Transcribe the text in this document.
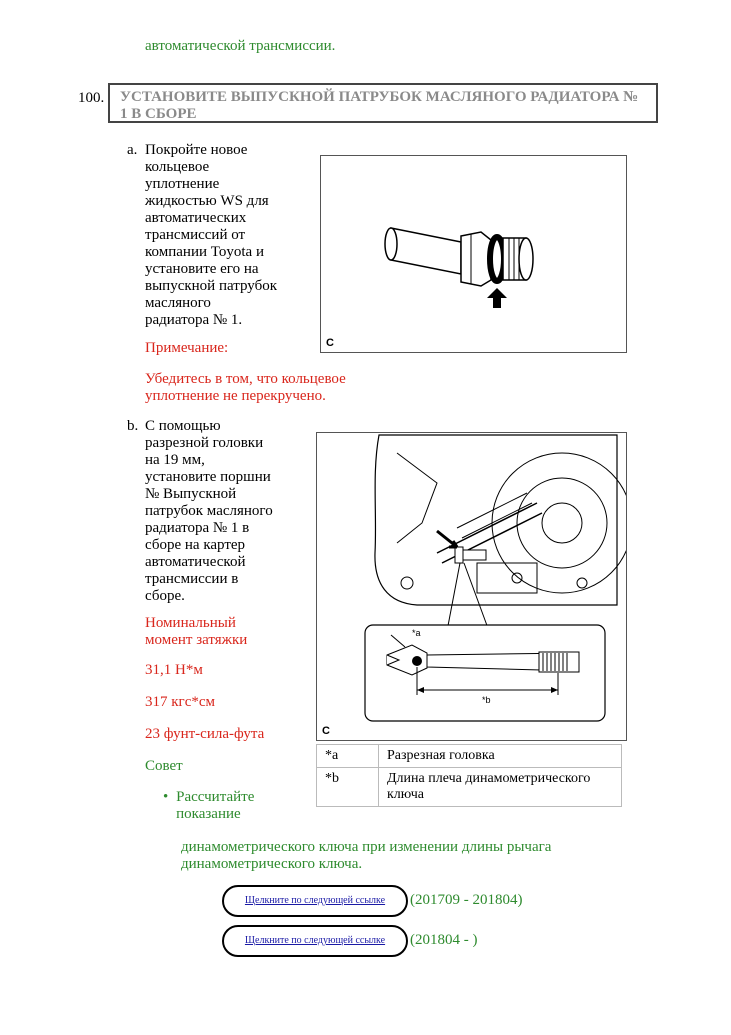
автоматической трансмиссии.
100.	УСТАНОВИТЕ ВЫПУСКНОЙ ПАТРУБОК МАСЛЯНОГО РАДИАТОРА № 1 В СБОРЕ
a. Покройте новое кольцевое уплотнение жидкостью WS для автоматических трансмиссий от компании Toyota и установите его на выпускной патрубок масляного радиатора № 1.
Примечание:
Убедитесь в том, что кольцевое уплотнение не перекручено.
C
b. С помощью разрезной головки на 19 мм, установите поршни № Выпускной патрубок масляного радиатора № 1 в сборе на картер автоматической трансмиссии в сборе.
Номинальный момент затяжки
31,1 Н*м
317 кгс*см
23 фунт-сила-фута
Совет
• Рассчитайте показание
динамометрического ключа при изменении длины рычага динамометрического ключа.
*a
*b
C
*a	Разрезная головка
*b	Длина плеча динамометрического ключа
Щелкните по следующей ссылке	(201709 - 201804)
Щелкните по следующей ссылке	(201804 - )
